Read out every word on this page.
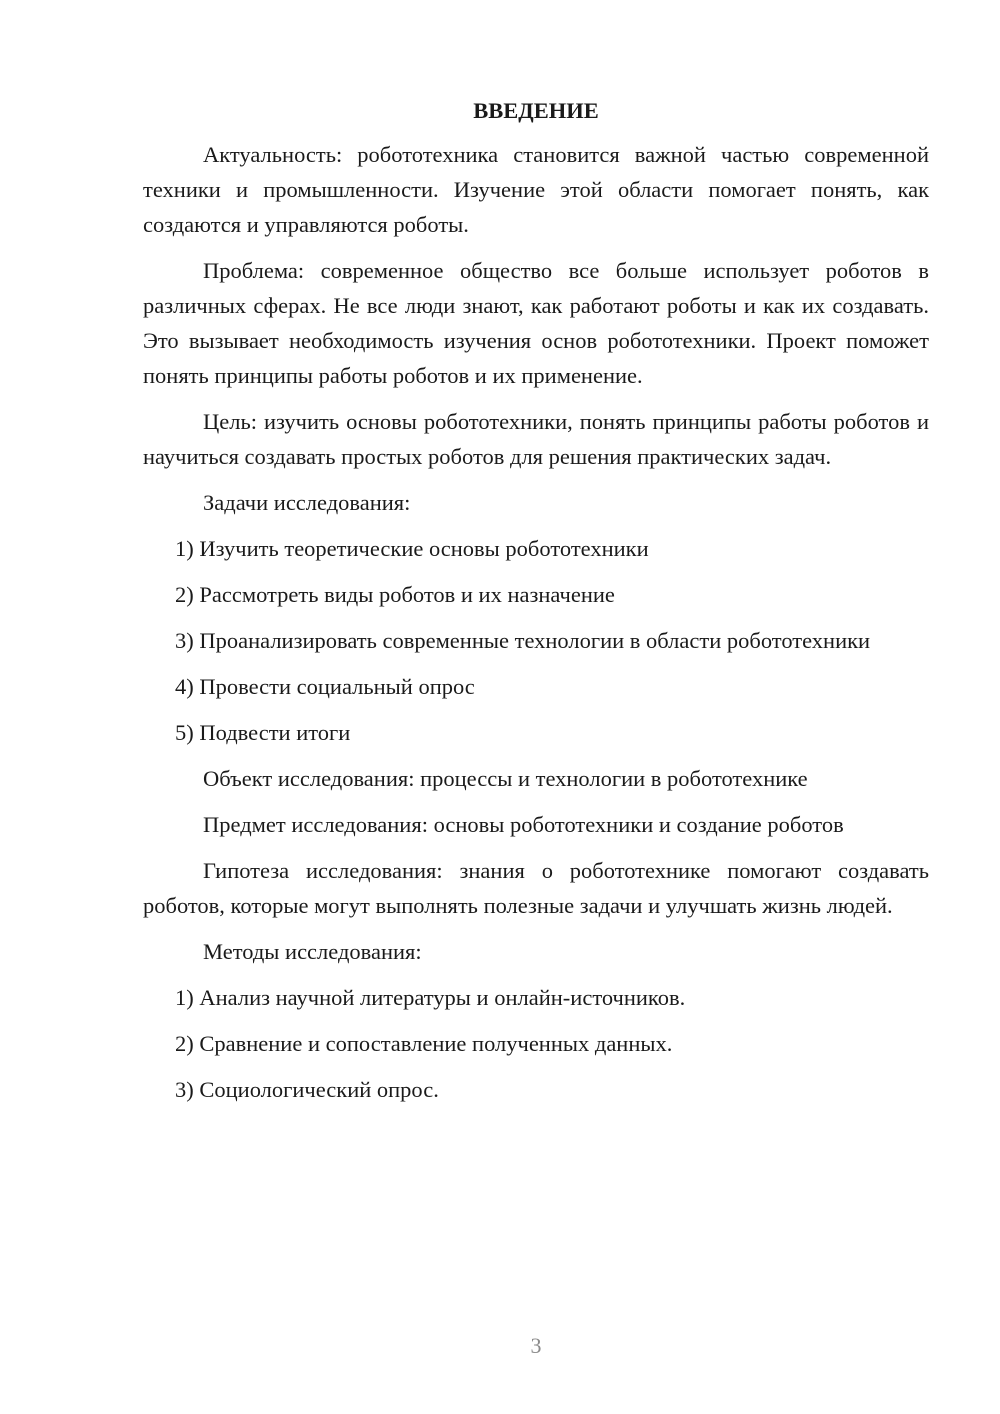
ВВЕДЕНИЕ
Актуальность: робототехника становится важной частью современной техники и промышленности. Изучение этой области помогает понять, как создаются и управляются роботы.
Проблема: современное общество все больше использует роботов в различных сферах. Не все люди знают, как работают роботы и как их создавать. Это вызывает необходимость изучения основ робототехники. Проект поможет понять принципы работы роботов и их применение.
Цель: изучить основы робототехники, понять принципы работы роботов и научиться создавать простых роботов для решения практических задач.
Задачи исследования:
1) Изучить теоретические основы робототехники
2) Рассмотреть виды роботов и их назначение
3) Проанализировать современные технологии в области робототехники
4) Провести социальный опрос
5) Подвести итоги
Объект исследования: процессы и технологии в робототехнике
Предмет исследования: основы робототехники и создание роботов
Гипотеза исследования: знания о робототехнике помогают создавать роботов, которые могут выполнять полезные задачи и улучшать жизнь людей.
Методы исследования:
1) Анализ научной литературы и онлайн-источников.
2) Сравнение и сопоставление полученных данных.
3) Социологический опрос.
3
